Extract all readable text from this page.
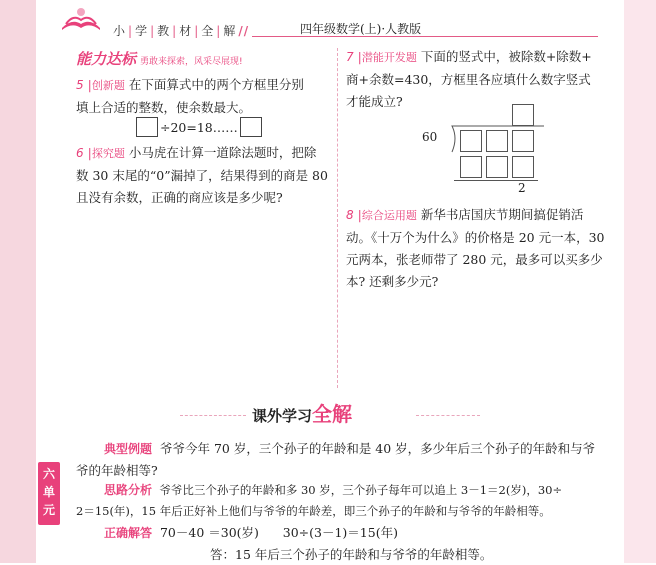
小 | 学 | 教 | 材 | 全 | 解 //	四年级数学(上)·人教版
能力达标 勇敢来探索，风采尽展现!
5 |创新题 在下面算式中的两个方框里分别
填上合适的整数，使余数最大。
÷20=18……
6 |探究题 小马虎在计算一道除法题时，把除
数 30 末尾的“0”漏掉了，结果得到的商是 80
且没有余数，正确的商应该是多少呢?
7 |潜能开发题 下面的竖式中，被除数+除数+
商+余数=430，方框里各应填什么数字竖式
才能成立?
60
2
8 |综合运用题 新华书店国庆节期间搞促销活
动。《十万个为什么》的价格是 20 元一本，30
元两本，张老师带了 280 元，最多可以买多少
本? 还剩多少元?
课外学习全解
典型例题 爷爷今年 70 岁，三个孙子的年龄和是 40 岁，多少年后三个孙子的年龄和与爷
爷的年龄相等?
思路分析 爷爷比三个孙子的年龄和多 30 岁，三个孙子每年可以追上 3－1＝2(岁)，30÷
2＝15(年)，15 年后正好补上他们与爷爷的年龄差，即三个孙子的年龄和与爷爷的年龄相等。
正确解答 70－40 ＝30(岁) 30÷(3－1)＝15(年)
答：15 年后三个孙子的年龄和与爷爷的年龄相等。
六
单
元
